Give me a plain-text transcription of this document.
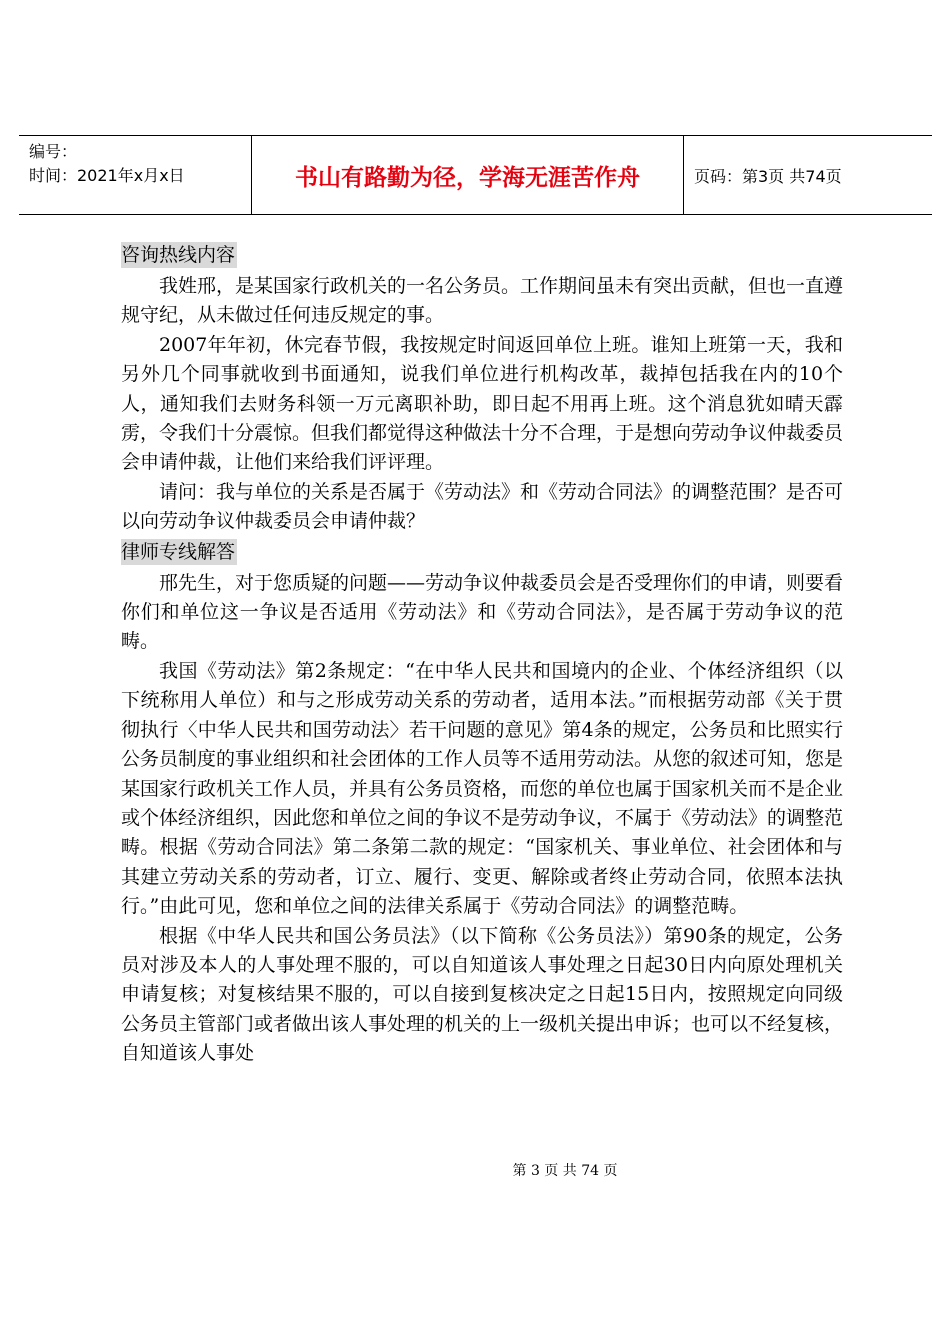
编号：
时间：2021年x月x日	书山有路勤为径，学海无涯苦作舟	页码：第3页 共74页
咨询热线内容

我姓邢，是某国家行政机关的一名公务员。工作期间虽未有突出贡献，但也一直遵规守纪，从未做过任何违反规定的事。

2007年年初，休完春节假，我按规定时间返回单位上班。谁知上班第一天，我和另外几个同事就收到书面通知，说我们单位进行机构改革，裁掉包括我在内的10个人，通知我们去财务科领一万元离职补助，即日起不用再上班。这个消息犹如晴天霹雳，令我们十分震惊。但我们都觉得这种做法十分不合理，于是想向劳动争议仲裁委员会申请仲裁，让他们来给我们评评理。

请问：我与单位的关系是否属于《劳动法》和《劳动合同法》的调整范围？是否可以向劳动争议仲裁委员会申请仲裁？

律师专线解答

邢先生，对于您质疑的问题——劳动争议仲裁委员会是否受理你们的申请，则要看你们和单位这一争议是否适用《劳动法》和《劳动合同法》，是否属于劳动争议的范畴。

我国《劳动法》第2条规定：“在中华人民共和国境内的企业、个体经济组织（以下统称用人单位）和与之形成劳动关系的劳动者，适用本法。”而根据劳动部《关于贯彻执行〈中华人民共和国劳动法〉若干问题的意见》第4条的规定，公务员和比照实行公务员制度的事业组织和社会团体的工作人员等不适用劳动法。从您的叙述可知，您是某国家行政机关工作人员，并具有公务员资格，而您的单位也属于国家机关而不是企业或个体经济组织，因此您和单位之间的争议不是劳动争议，不属于《劳动法》的调整范畴。根据《劳动合同法》第二条第二款的规定：“国家机关、事业单位、社会团体和与其建立劳动关系的劳动者，订立、履行、变更、解除或者终止劳动合同，依照本法执行。”由此可见，您和单位之间的法律关系属于《劳动合同法》的调整范畴。

根据《中华人民共和国公务员法》（以下简称《公务员法》）第90条的规定，公务员对涉及本人的人事处理不服的，可以自知道该人事处理之日起30日内向原处理机关申请复核；对复核结果不服的，可以自接到复核决定之日起15日内，按照规定向同级公务员主管部门或者做出该人事处理的机关的上一级机关提出申诉；也可以不经复核，自知道该人事处

第 3 页 共 74 页
